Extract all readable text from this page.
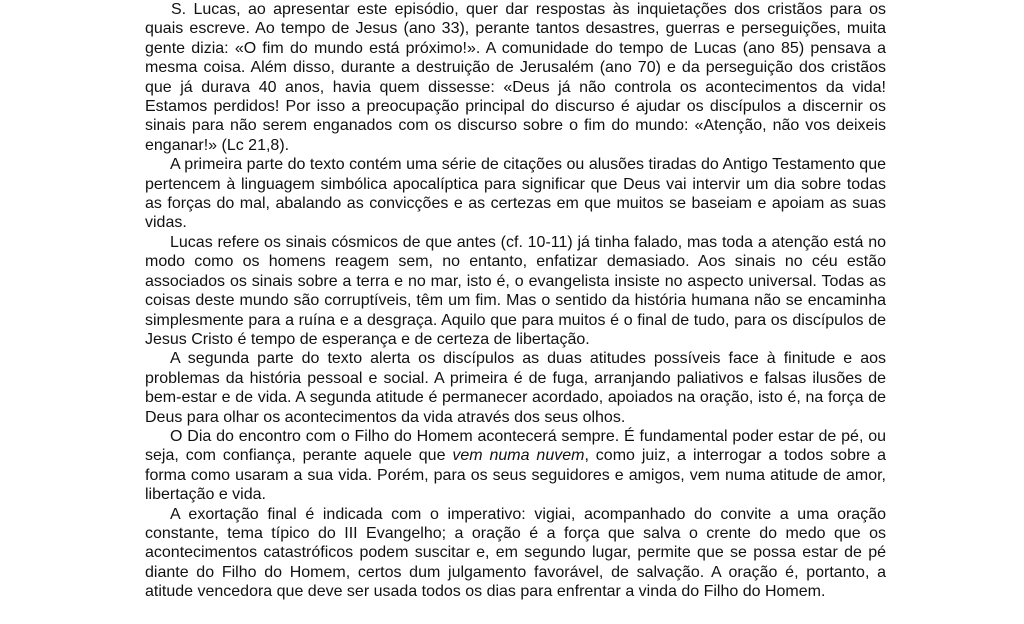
S. Lucas, ao apresentar este episódio, quer dar respostas às inquietações dos cristãos para os quais escreve. Ao tempo de Jesus (ano 33), perante tantos desastres, guerras e perseguições, muita gente dizia: «O fim do mundo está próximo!». A comunidade do tempo de Lucas (ano 85) pensava a mesma coisa. Além disso, durante a destruição de Jerusalém (ano 70) e da perseguição dos cristãos que já durava 40 anos, havia quem dissesse: «Deus já não controla os acontecimentos da vida! Estamos perdidos! Por isso a preocupação principal do discurso é ajudar os discípulos a discernir os sinais para não serem enganados com os discurso sobre o fim do mundo: «Atenção, não vos deixeis enganar!» (Lc 21,8).

A primeira parte do texto contém uma série de citações ou alusões tiradas do Antigo Testamento que pertencem à linguagem simbólica apocalíptica para significar que Deus vai intervir um dia sobre todas as forças do mal, abalando as convicções e as certezas em que muitos se baseiam e apoiam as suas vidas.

Lucas refere os sinais cósmicos de que antes (cf. 10-11) já tinha falado, mas toda a atenção está no modo como os homens reagem sem, no entanto, enfatizar demasiado. Aos sinais no céu estão associados os sinais sobre a terra e no mar, isto é, o evangelista insiste no aspecto universal. Todas as coisas deste mundo são corruptíveis, têm um fim. Mas o sentido da história humana não se encaminha simplesmente para a ruína e a desgraça. Aquilo que para muitos é o final de tudo, para os discípulos de Jesus Cristo é tempo de esperança e de certeza de libertação.

A segunda parte do texto alerta os discípulos as duas atitudes possíveis face à finitude e aos problemas da história pessoal e social. A primeira é de fuga, arranjando paliativos e falsas ilusões de bem-estar e de vida. A segunda atitude é permanecer acordado, apoiados na oração, isto é, na força de Deus para olhar os acontecimentos da vida através dos seus olhos.

O Dia do encontro com o Filho do Homem acontecerá sempre. É fundamental poder estar de pé, ou seja, com confiança, perante aquele que vem numa nuvem, como juiz, a interrogar a todos sobre a forma como usaram a sua vida. Porém, para os seus seguidores e amigos, vem numa atitude de amor, libertação e vida.

A exortação final é indicada com o imperativo: vigiai, acompanhado do convite a uma oração constante, tema típico do III Evangelho; a oração é a força que salva o crente do medo que os acontecimentos catastróficos podem suscitar e, em segundo lugar, permite que se possa estar de pé diante do Filho do Homem, certos dum julgamento favorável, de salvação. A oração é, portanto, a atitude vencedora que deve ser usada todos os dias para enfrentar a vinda do Filho do Homem.
